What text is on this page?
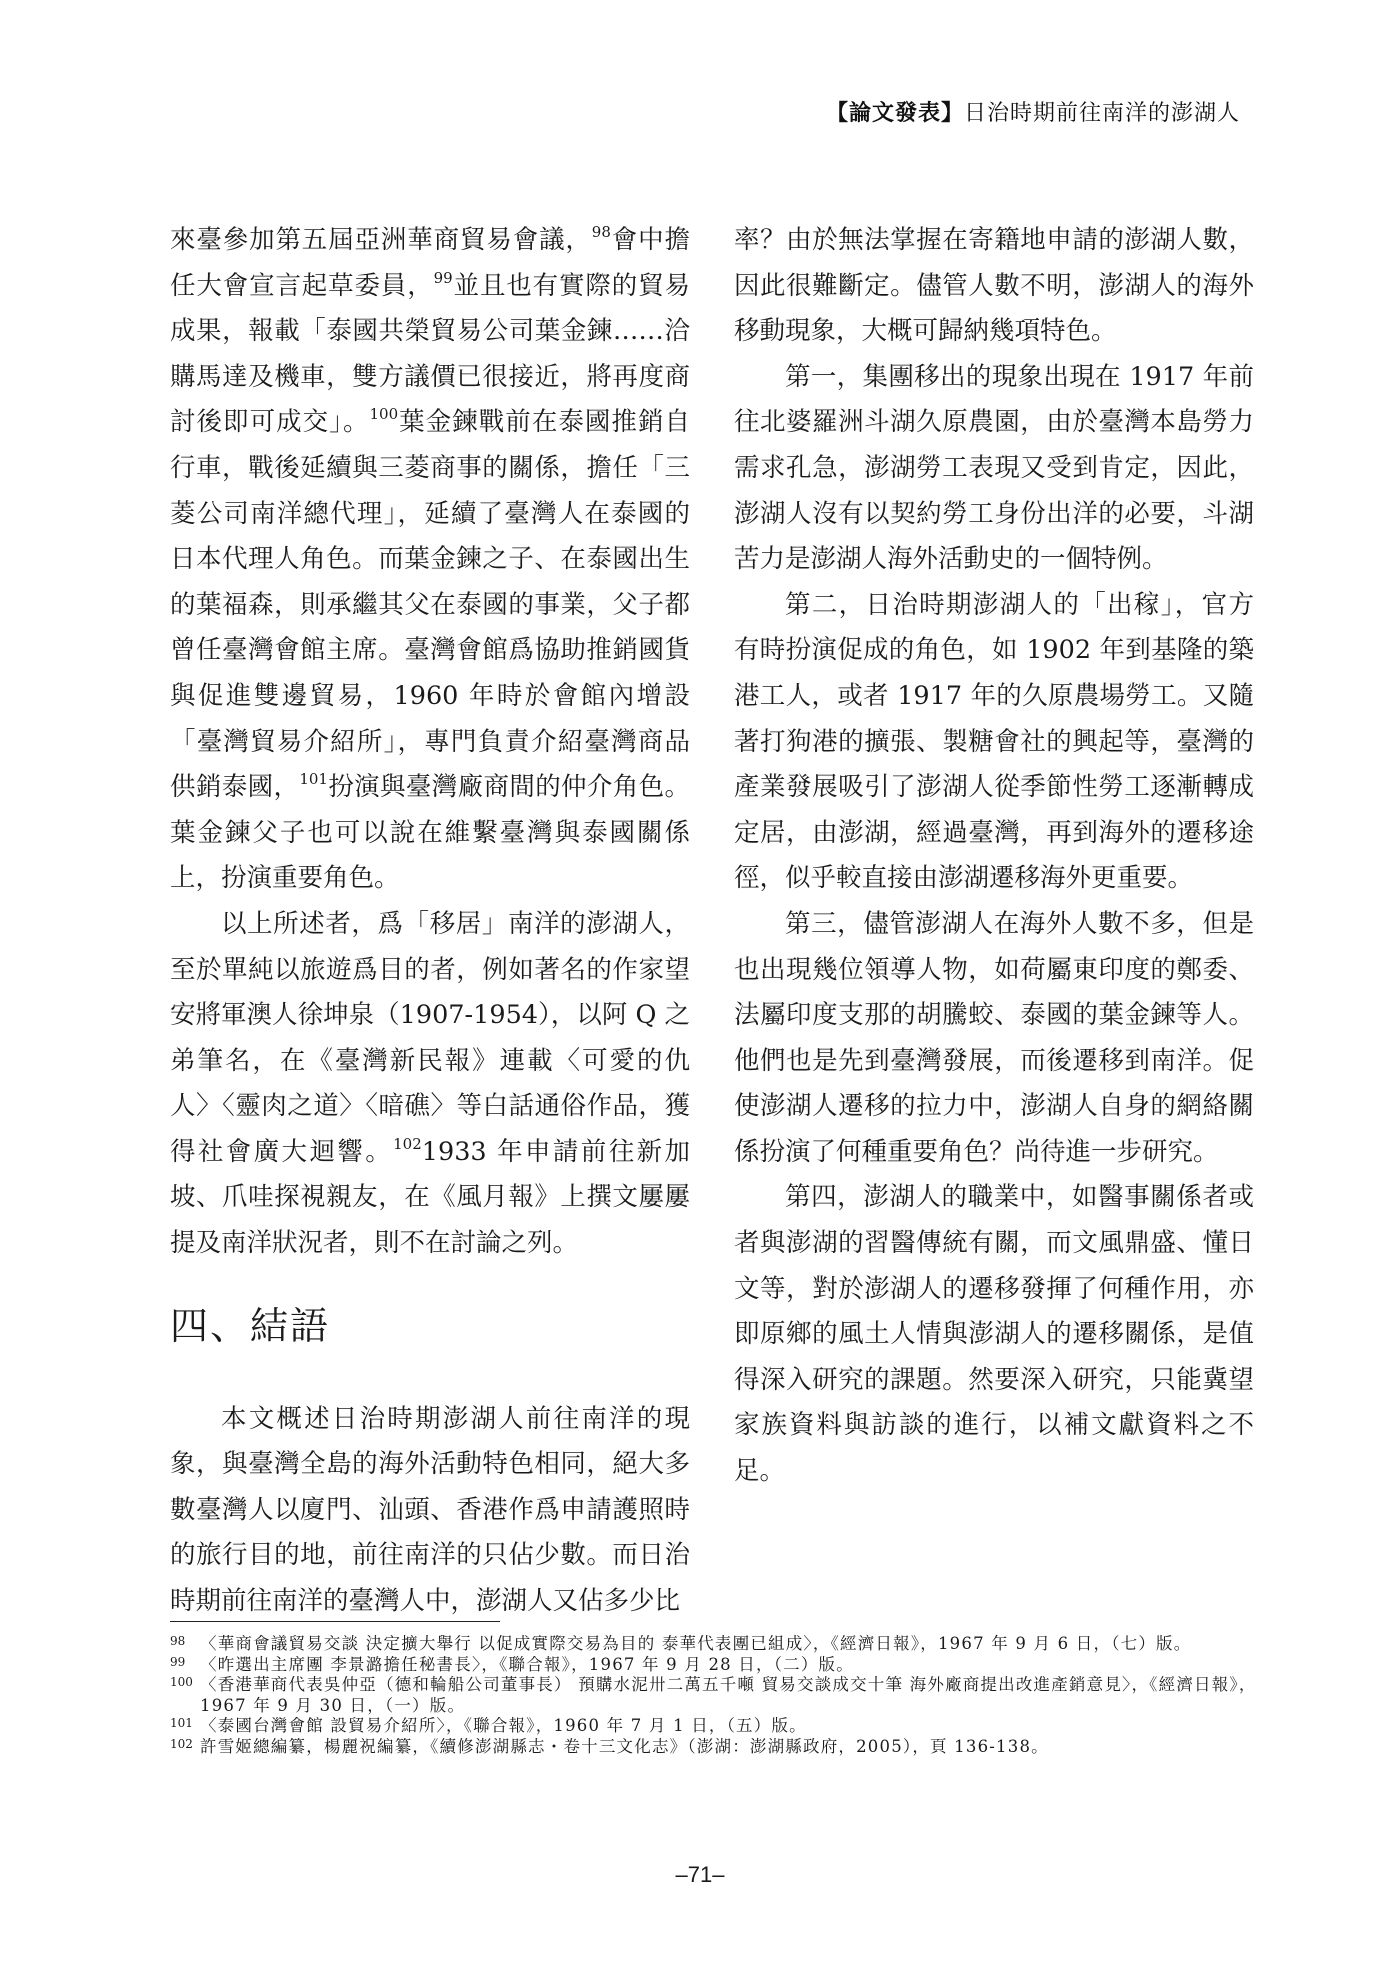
【論文發表】日治時期前往南洋的澎湖人

來臺參加第五屆亞洲華商貿易會議，$^{98}$會中擔任大會宣言起草委員，$^{99}$並且也有實際的貿易成果，報載「泰國共榮貿易公司葉金鍊……洽購馬達及機車，雙方議價已很接近，將再度商討後即可成交」。$^{100}$葉金鍊戰前在泰國推銷自行車，戰後延續與三菱商事的關係，擔任「三菱公司南洋總代理」，延續了臺灣人在泰國的日本代理人角色。而葉金鍊之子、在泰國出生的葉福森，則承繼其父在泰國的事業，父子都曾任臺灣會館主席。臺灣會館爲協助推銷國貨與促進雙邊貿易，1960 年時於會館內增設「臺灣貿易介紹所」，專門負責介紹臺灣商品供銷泰國，$^{101}$扮演與臺灣廠商間的仲介角色。葉金鍊父子也可以說在維繫臺灣與泰國關係上，扮演重要角色。

以上所述者，爲「移居」南洋的澎湖人，至於單純以旅遊爲目的者，例如著名的作家望安將軍澳人徐坤泉（1907-1954），以阿 Q 之弟筆名，在《臺灣新民報》連載〈可愛的仇人〉〈靈肉之道〉〈暗礁〉等白話通俗作品，獲得社會廣大迴響。$^{102}$1933 年申請前往新加坡、爪哇探視親友，在《風月報》上撰文屢屢提及南洋狀況者，則不在討論之列。

四、結語

本文概述日治時期澎湖人前往南洋的現象，與臺灣全島的海外活動特色相同，絕大多數臺灣人以廈門、汕頭、香港作爲申請護照時的旅行目的地，前往南洋的只佔少數。而日治時期前往南洋的臺灣人中，澎湖人又佔多少比

率？由於無法掌握在寄籍地申請的澎湖人數，因此很難斷定。儘管人數不明，澎湖人的海外移動現象，大概可歸納幾項特色。

第一，集團移出的現象出現在 1917 年前往北婆羅洲斗湖久原農園，由於臺灣本島勞力需求孔急，澎湖勞工表現又受到肯定，因此，澎湖人沒有以契約勞工身份出洋的必要，斗湖苦力是澎湖人海外活動史的一個特例。

第二，日治時期澎湖人的「出稼」，官方有時扮演促成的角色，如 1902 年到基隆的築港工人，或者 1917 年的久原農場勞工。又隨著打狗港的擴張、製糖會社的興起等，臺灣的產業發展吸引了澎湖人從季節性勞工逐漸轉成定居，由澎湖，經過臺灣，再到海外的遷移途徑，似乎較直接由澎湖遷移海外更重要。

第三，儘管澎湖人在海外人數不多，但是也出現幾位領導人物，如荷屬東印度的鄭委、法屬印度支那的胡騰蛟、泰國的葉金鍊等人。他們也是先到臺灣發展，而後遷移到南洋。促使澎湖人遷移的拉力中，澎湖人自身的網絡關係扮演了何種重要角色？尚待進一步研究。

第四，澎湖人的職業中，如醫事關係者或者與澎湖的習醫傳統有關，而文風鼎盛、懂日文等，對於澎湖人的遷移發揮了何種作用，亦即原鄉的風土人情與澎湖人的遷移關係，是值得深入研究的課題。然要深入研究，只能冀望家族資料與訪談的進行，以補文獻資料之不足。

98 〈華商會議貿易交談 決定擴大舉行 以促成實際交易為目的 泰華代表團已組成〉，《經濟日報》，1967 年 9 月 6 日，（七）版。
99 〈昨選出主席團 李景潞擔任秘書長〉，《聯合報》，1967 年 9 月 28 日，（二）版。
100 〈香港華商代表吳仲亞（德和輪船公司董事長） 預購水泥卅二萬五千噸 貿易交談成交十筆 海外廠商提出改進產銷意見〉，《經濟日報》，1967 年 9 月 30 日，（一）版。
101 〈泰國台灣會館 設貿易介紹所〉，《聯合報》，1960 年 7 月 1 日，（五）版。
102 許雪姬總編纂，楊麗祝編纂，《續修澎湖縣志・卷十三文化志》（澎湖：澎湖縣政府，2005），頁 136-138。
–71–
